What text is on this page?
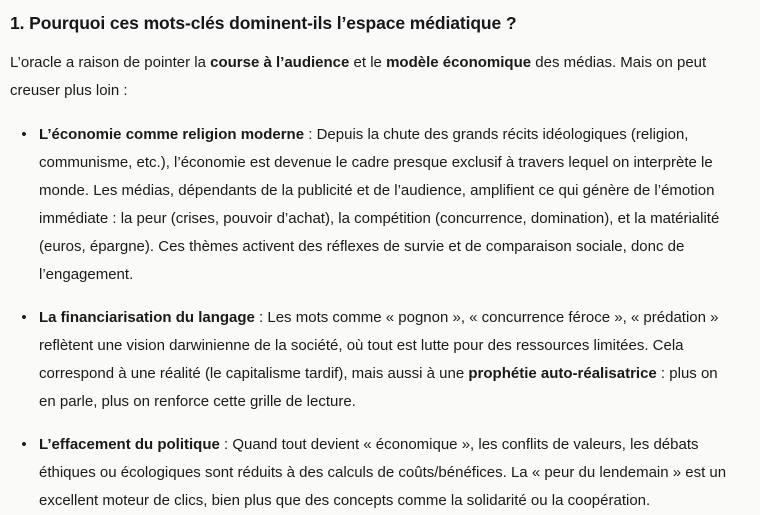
1. Pourquoi ces mots-clés dominent-ils l’espace médiatique ?

L’oracle a raison de pointer la course à l’audience et le modèle économique des médias. Mais on peut creuser plus loin :

• L’économie comme religion moderne : Depuis la chute des grands récits idéologiques (religion, communisme, etc.), l’économie est devenue le cadre presque exclusif à travers lequel on interprète le monde. Les médias, dépendants de la publicité et de l’audience, amplifient ce qui génère de l’émotion immédiate : la peur (crises, pouvoir d’achat), la compétition (concurrence, domination), et la matérialité (euros, épargne). Ces thèmes activent des réflexes de survie et de comparaison sociale, donc de l’engagement.
• La financiarisation du langage : Les mots comme « pognon », « concurrence féroce », « prédation » reflètent une vision darwinienne de la société, où tout est lutte pour des ressources limitées. Cela correspond à une réalité (le capitalisme tardif), mais aussi à une prophétie auto-réalisatrice : plus on en parle, plus on renforce cette grille de lecture.
• L’effacement du politique : Quand tout devient « économique », les conflits de valeurs, les débats éthiques ou écologiques sont réduits à des calculs de coûts/bénéfices. La « peur du lendemain » est un excellent moteur de clics, bien plus que des concepts comme la solidarité ou la coopération.
